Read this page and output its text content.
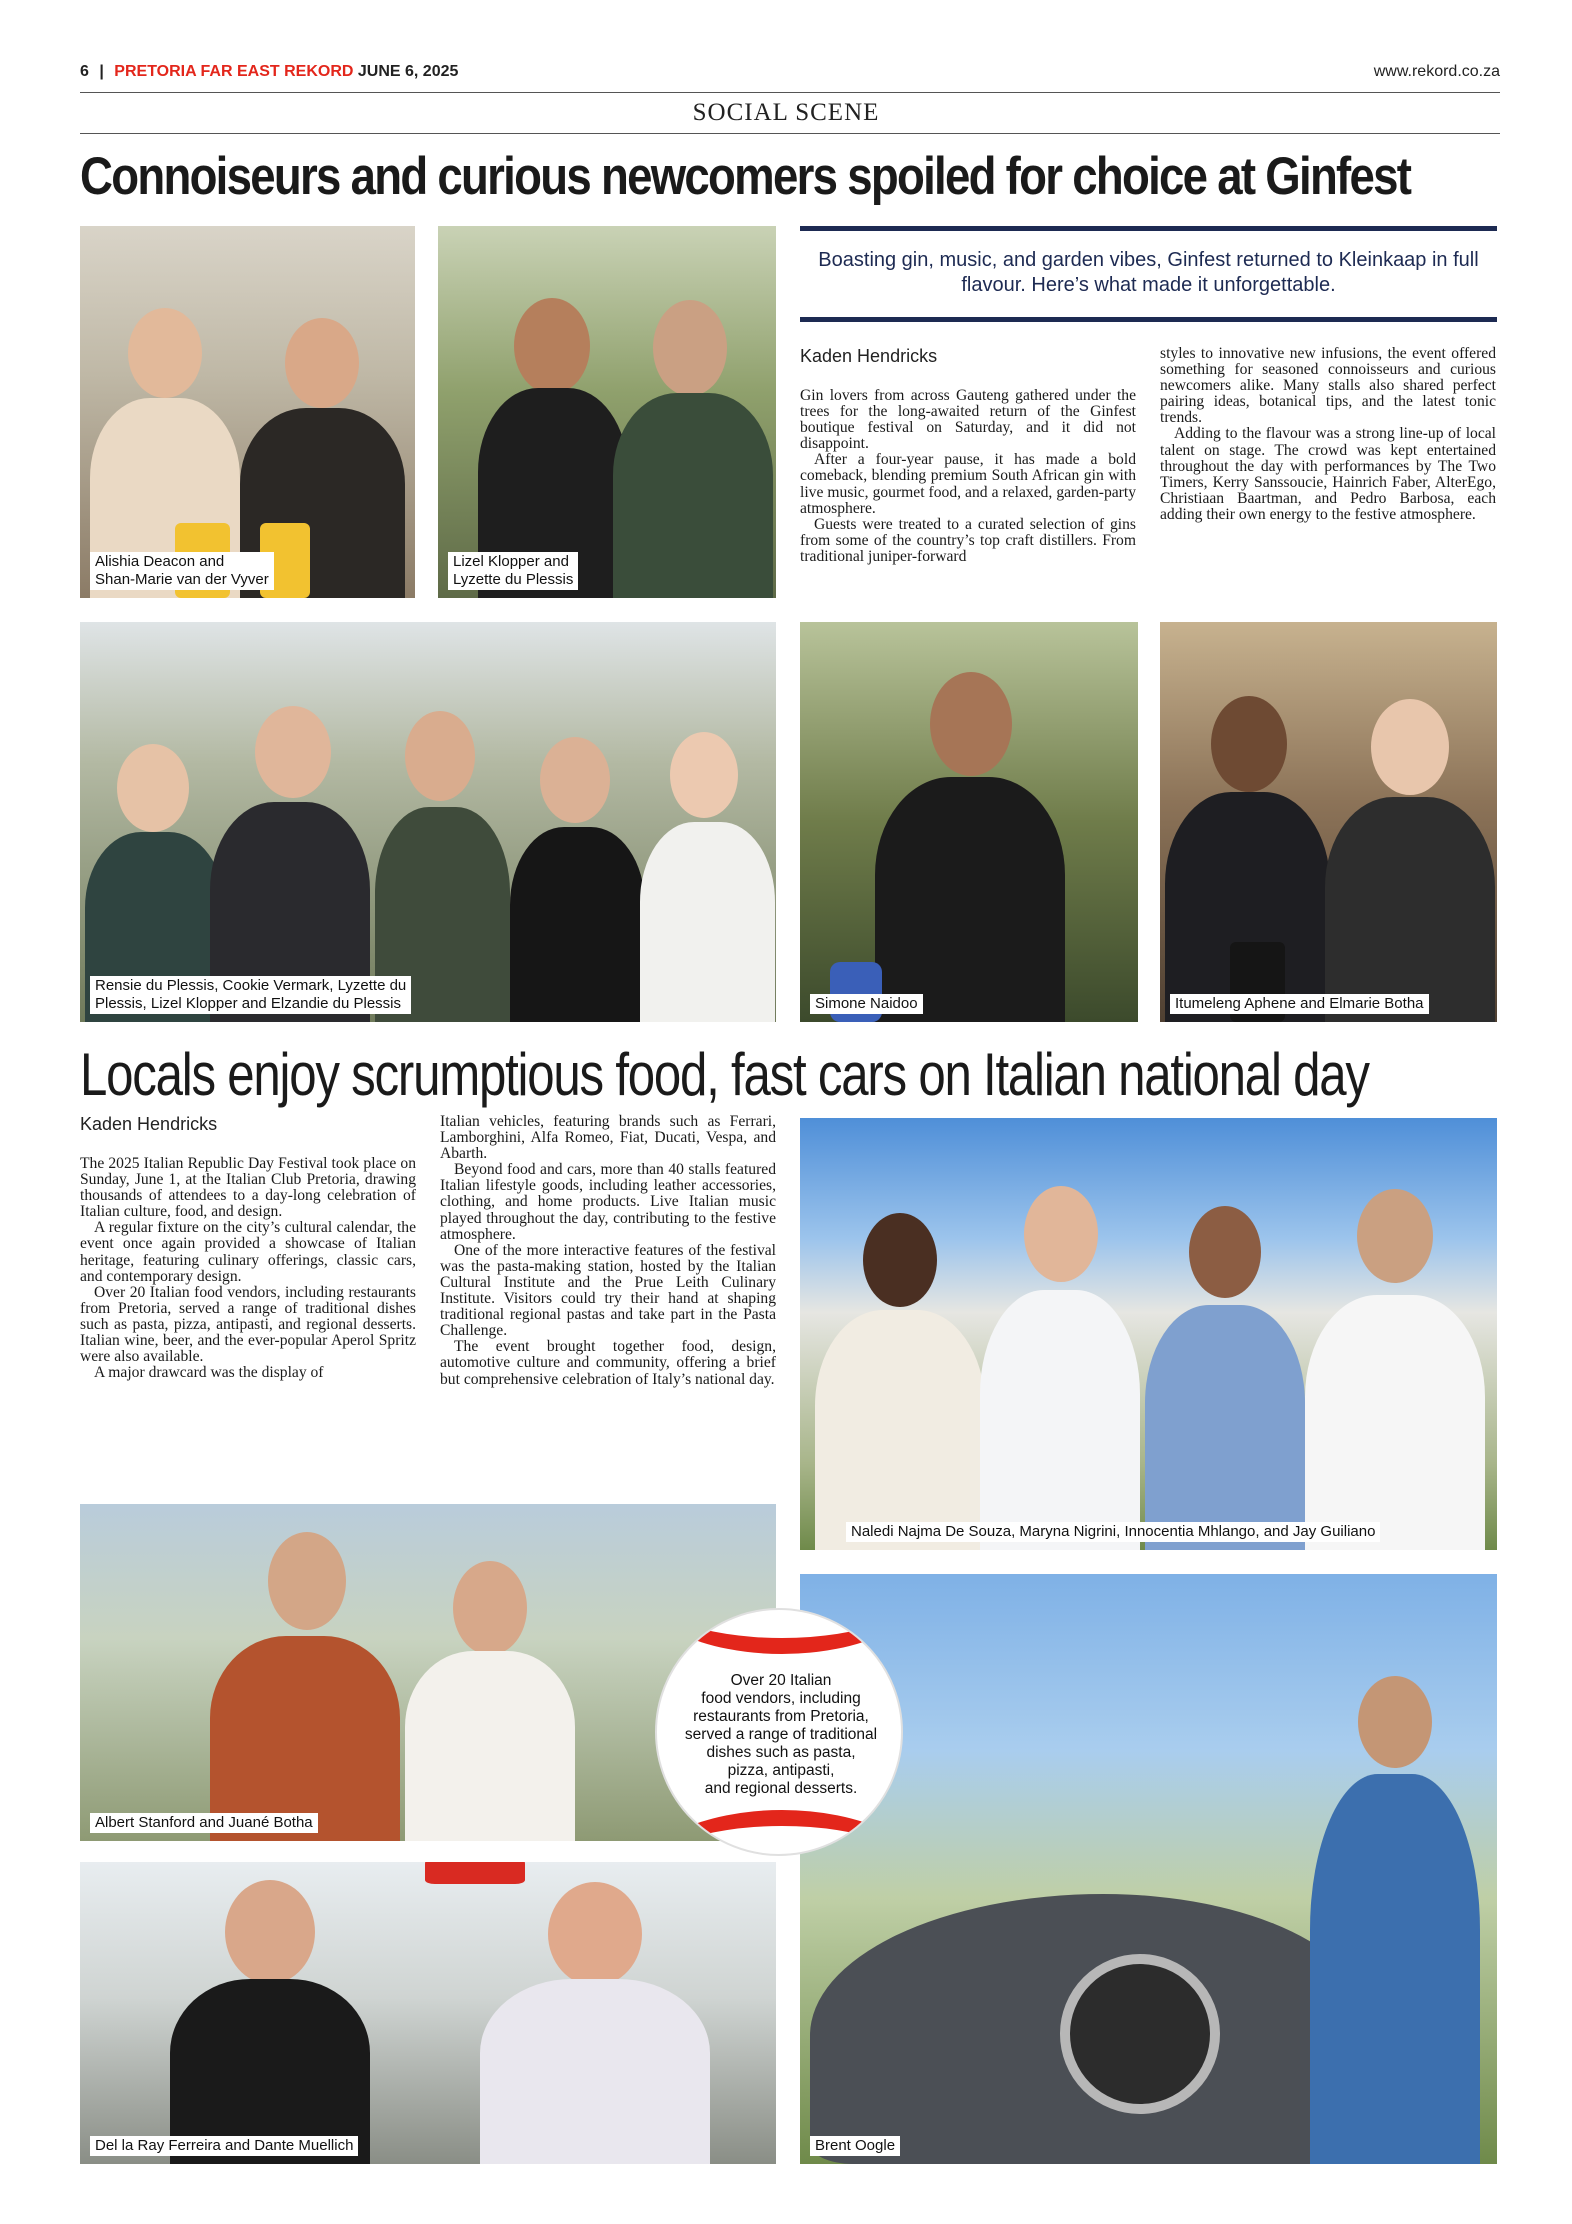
6 | PRETORIA FAR EAST REKORD JUNE 6, 2025	www.rekord.co.za
SOCIAL SCENE
Connoiseurs and curious newcomers spoiled for choice at Ginfest
Alishia Deacon and
Shan-Marie van der Vyver
Lizel Klopper and
Lyzette du Plessis
Boasting gin, music, and garden vibes, Ginfest returned to Kleinkaap in full flavour. Here’s what made it unforgettable.
Kaden Hendricks

Gin lovers from across Gauteng gathered under the trees for the long-awaited return of the Ginfest boutique festival on Saturday, and it did not disappoint.

After a four-year pause, it has made a bold comeback, blending premium South African gin with live music, gourmet food, and a relaxed, garden-party atmosphere.

Guests were treated to a curated selection of gins from some of the country’s top craft distillers. From traditional juniper-forward

styles to innovative new infusions, the event offered something for seasoned connoisseurs and curious newcomers alike. Many stalls also shared perfect pairing ideas, botanical tips, and the latest tonic trends.

Adding to the flavour was a strong line-up of local talent on stage. The crowd was kept entertained throughout the day with performances by The Two Timers, Kerry Sanssoucie, Hainrich Faber, AlterEgo, Christiaan Baartman, and Pedro Barbosa, each adding their own energy to the festive atmosphere.

Rensie du Plessis, Cookie Vermark, Lyzette du
Plessis, Lizel Klopper and Elzandie du Plessis	Simone Naidoo	Itumeleng Aphene and Elmarie Botha
Locals enjoy scrumptious food, fast cars on Italian national day
Kaden Hendricks

The 2025 Italian Republic Day Festival took place on Sunday, June 1, at the Italian Club Pretoria, drawing thousands of attendees to a day-long celebration of Italian culture, food, and design.

A regular fixture on the city’s cultural calendar, the event once again provided a showcase of Italian heritage, featuring culinary offerings, classic cars, and contemporary design.

Over 20 Italian food vendors, including restaurants from Pretoria, served a range of traditional dishes such as pasta, pizza, antipasti, and regional desserts. Italian wine, beer, and the ever-popular Aperol Spritz were also available.

A major drawcard was the display of

Italian vehicles, featuring brands such as Ferrari, Lamborghini, Alfa Romeo, Fiat, Ducati, Vespa, and Abarth.

Beyond food and cars, more than 40 stalls featured Italian lifestyle goods, including leather accessories, clothing, and home products. Live Italian music played throughout the day, contributing to the festive atmosphere.

One of the more interactive features of the festival was the pasta-making station, hosted by the Italian Cultural Institute and the Prue Leith Culinary Institute. Visitors could try their hand at shaping traditional regional pastas and take part in the Pasta Challenge.

The event brought together food, design, automotive culture and community, offering a brief but comprehensive celebration of Italy’s national day.

Naledi Najma De Souza, Maryna Nigrini, Innocentia Mhlango, and Jay Guiliano
Albert Stanford and Juané Botha
Del la Ray Ferreira and Dante Muellich	Brent Oogle
Over 20 Italian
food vendors, including
restaurants from Pretoria,
served a range of traditional
dishes such as pasta,
pizza, antipasti,
and regional desserts.
